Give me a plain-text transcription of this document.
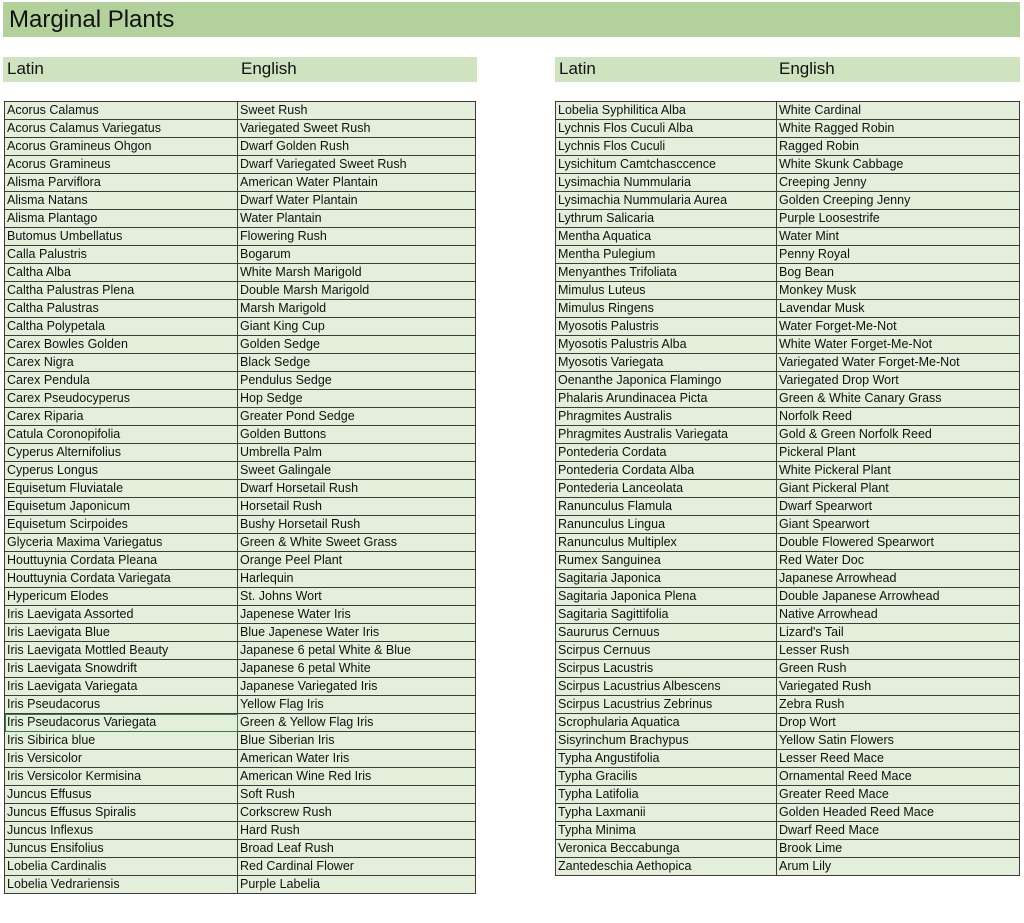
Marginal Plants
Latin	English	Latin	English
Acorus Calamus	Sweet Rush
Acorus Calamus Variegatus	Variegated Sweet Rush
Acorus Gramineus Ohgon	Dwarf Golden Rush
Acorus Gramineus	Dwarf Variegated Sweet Rush
Alisma Parviflora	American Water Plantain
Alisma Natans	Dwarf Water Plantain
Alisma Plantago	Water Plantain
Butomus Umbellatus	Flowering Rush
Calla Palustris	Bogarum
Caltha Alba	White Marsh Marigold
Caltha Palustras Plena	Double Marsh Marigold
Caltha Palustras	Marsh Marigold
Caltha Polypetala	Giant King Cup
Carex Bowles Golden	Golden Sedge
Carex Nigra	Black Sedge
Carex Pendula	Pendulus Sedge
Carex Pseudocyperus	Hop Sedge
Carex Riparia	Greater Pond Sedge
Catula Coronopifolia	Golden Buttons
Cyperus Alternifolius	Umbrella Palm
Cyperus Longus	Sweet Galingale
Equisetum Fluviatale	Dwarf Horsetail Rush
Equisetum Japonicum	Horsetail Rush
Equisetum Scirpoides	Bushy Horsetail Rush
Glyceria Maxima Variegatus	Green & White Sweet Grass
Houttuynia Cordata Pleana	Orange Peel Plant
Houttuynia Cordata Variegata	Harlequin
Hypericum Elodes	St. Johns Wort
Iris Laevigata Assorted	Japenese Water Iris
Iris Laevigata Blue	Blue Japenese Water Iris
Iris Laevigata Mottled Beauty	Japanese 6 petal White & Blue
Iris Laevigata Snowdrift	Japanese 6 petal White
Iris Laevigata Variegata	Japanese Variegated Iris
Iris Pseudacorus	Yellow Flag Iris
Iris Pseudacorus Variegata	Green & Yellow Flag Iris
Iris Sibirica blue	Blue Siberian Iris
Iris Versicolor	American Water Iris
Iris Versicolor Kermisina	American Wine Red Iris
Juncus Effusus	Soft Rush
Juncus Effusus Spiralis	Corkscrew Rush
Juncus Inflexus	Hard Rush
Juncus Ensifolius	Broad Leaf Rush
Lobelia Cardinalis	Red Cardinal Flower
Lobelia Vedrariensis	Purple Labelia
Lobelia Syphilitica Alba	White Cardinal
Lychnis Flos Cuculi Alba	White Ragged Robin
Lychnis Flos Cuculi	Ragged Robin
Lysichitum Camtchasccence	White Skunk Cabbage
Lysimachia Nummularia	Creeping Jenny
Lysimachia Nummularia Aurea	Golden Creeping Jenny
Lythrum Salicaria	Purple Loosestrife
Mentha Aquatica	Water Mint
Mentha Pulegium	Penny Royal
Menyanthes Trifoliata	Bog Bean
Mimulus Luteus	Monkey Musk
Mimulus Ringens	Lavendar Musk
Myosotis Palustris	Water Forget-Me-Not
Myosotis Palustris Alba	White Water Forget-Me-Not
Myosotis Variegata	Variegated Water Forget-Me-Not
Oenanthe Japonica Flamingo	Variegated Drop Wort
Phalaris Arundinacea Picta	Green & White Canary Grass
Phragmites Australis	Norfolk Reed
Phragmites Australis Variegata	Gold & Green Norfolk Reed
Pontederia Cordata	Pickeral Plant
Pontederia Cordata Alba	White Pickeral Plant
Pontederia Lanceolata	Giant Pickeral Plant
Ranunculus Flamula	Dwarf Spearwort
Ranunculus Lingua	Giant Spearwort
Ranunculus Multiplex	Double Flowered Spearwort
Rumex Sanguinea	Red Water Doc
Sagitaria Japonica	Japanese Arrowhead
Sagitaria Japonica Plena	Double Japanese Arrowhead
Sagitaria Sagittifolia	Native Arrowhead
Saururus Cernuus	Lizard's Tail
Scirpus Cernuus	Lesser Rush
Scirpus Lacustris	Green Rush
Scirpus Lacustrius Albescens	Variegated Rush
Scirpus Lacustrius Zebrinus	Zebra Rush
Scrophularia Aquatica	Drop Wort
Sisyrinchum Brachypus	Yellow Satin Flowers
Typha Angustifolia	Lesser Reed Mace
Typha Gracilis	Ornamental Reed Mace
Typha Latifolia	Greater Reed Mace
Typha Laxmanii	Golden Headed Reed Mace
Typha Minima	Dwarf Reed Mace
Veronica Beccabunga	Brook Lime
Zantedeschia Aethopica	Arum Lily
